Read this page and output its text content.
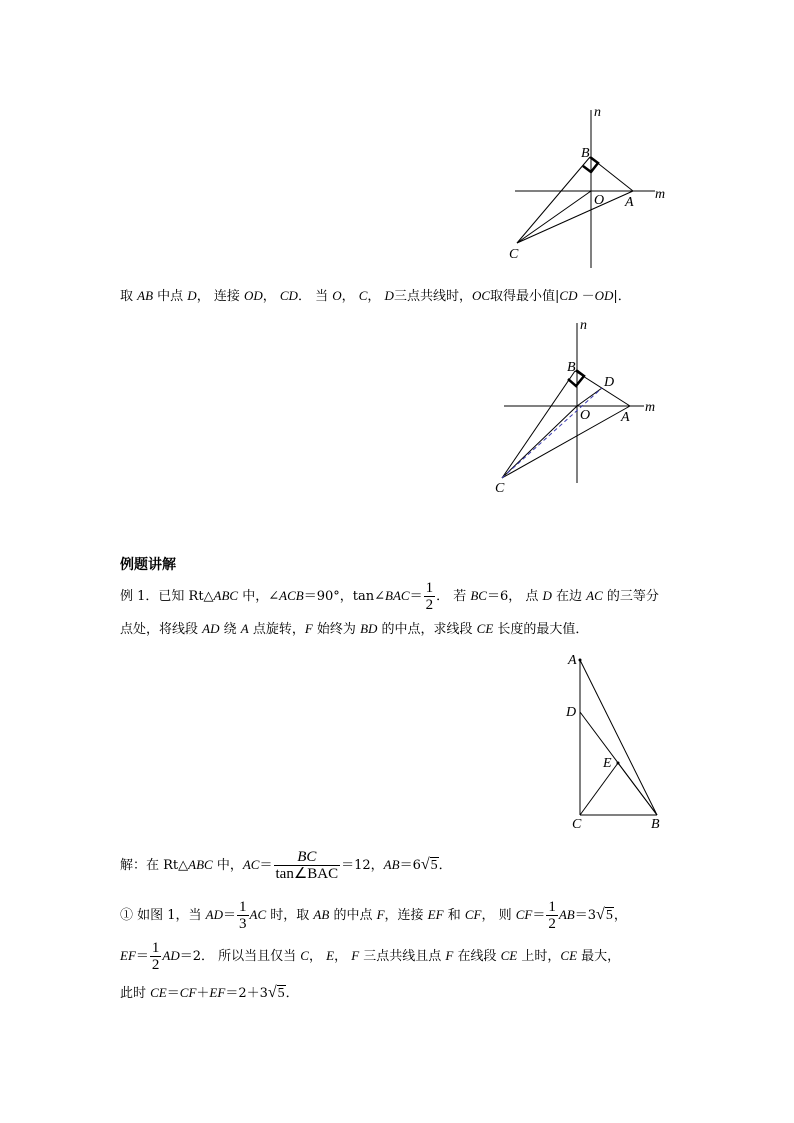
n
m
B
O A
C
取 AB 中点 D， 连接 OD， CD． 当 O， C， D三点共线时，OC取得最小值|CD －OD|．
n
m
B
D
O A
C
例题讲解
例 1．已知 Rt△ABC 中，∠ACB＝90°，tan∠BAC＝ $\frac{1}{2}$ ． 若 BC＝6， 点 D 在边 AC 的三等分
点处，将线段 AD 绕 A 点旋转，F 始终为 BD 的中点，求线段 CE 长度的最大值．
A
D
E
C	B
解：在 Rt△ABC 中，$AC= \frac{BC}{\text{tan∠BAC}} =12$，AB＝6√5．
① 如图 1，当 $AD= \frac{1}{3}$ AC 时，取 AB 的中点 F，连接 EF 和 CF， 则 $CF= \frac{1}{2} AB=3√5$，
$EF= \frac{1}{2} AD=2$． 所以当且仅当 C， E， F 三点共线且点 F 在线段 CE 上时，CE 最大，
此时 CE＝CF＋EF＝2＋3√5．
